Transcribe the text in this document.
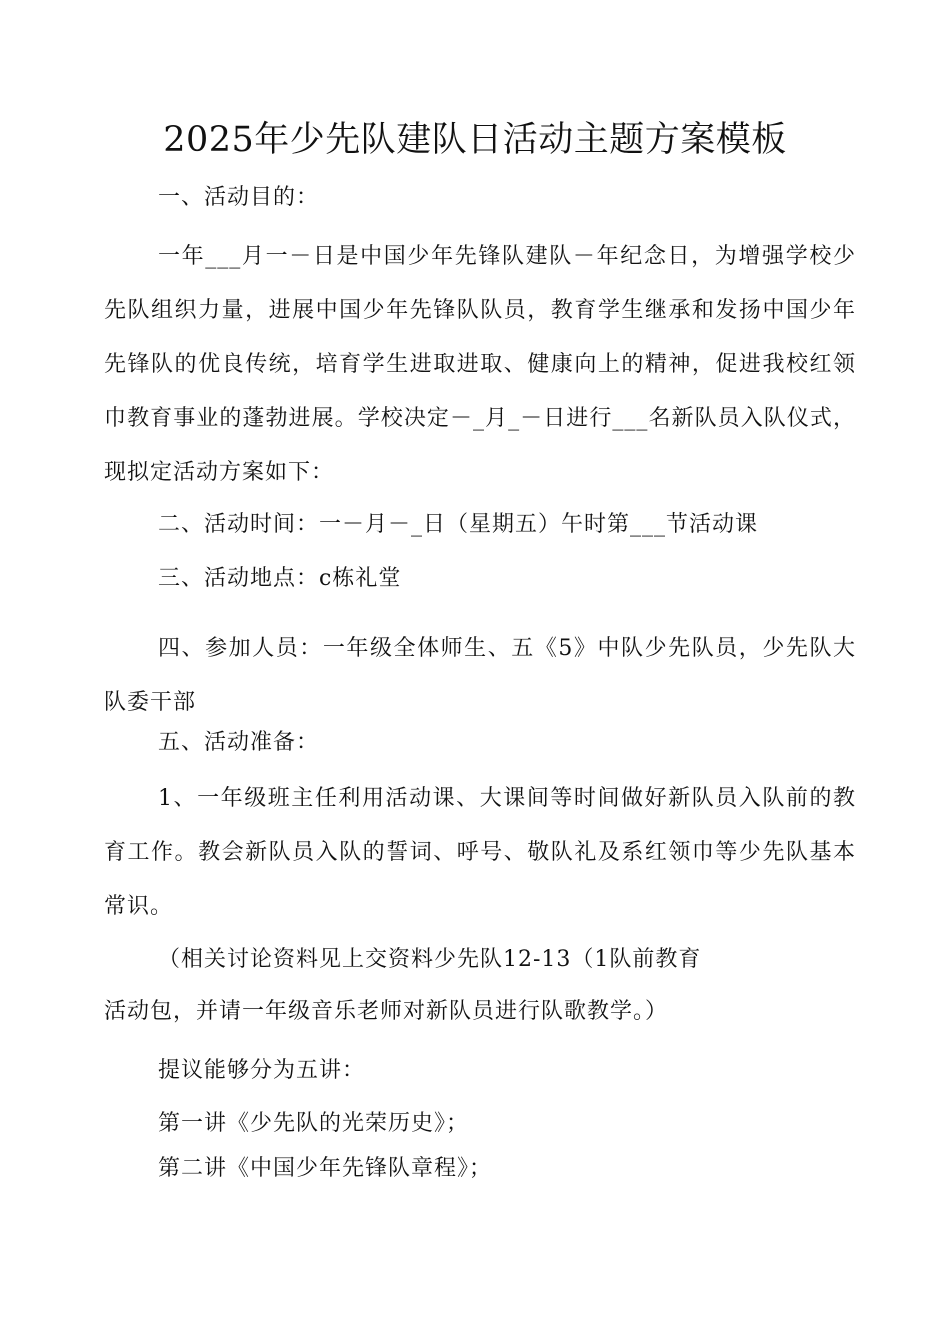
2025年少先队建队日活动主题方案模板
一、活动目的：
一年___月一－日是中国少年先锋队建队－年纪念日，为增强学校少先队组织力量，进展中国少年先锋队队员，教育学生继承和发扬中国少年先锋队的优良传统，培育学生进取进取、健康向上的精神，促进我校红领巾教育事业的蓬勃进展。学校决定－_月_－日进行___名新队员入队仪式，现拟定活动方案如下：
二、活动时间：一－月－_日（星期五）午时第___节活动课
三、活动地点：c栋礼堂
四、参加人员：一年级全体师生、五《5》中队少先队员，少先队大队委干部
五、活动准备：
1、一年级班主任利用活动课、大课间等时间做好新队员入队前的教育工作。教会新队员入队的誓词、呼号、敬队礼及系红领巾等少先队基本常识。
（相关讨论资料见上交资料少先队12-13（1队前教育
活动包，并请一年级音乐老师对新队员进行队歌教学。）
提议能够分为五讲：
第一讲《少先队的光荣历史》；
第二讲《中国少年先锋队章程》；
